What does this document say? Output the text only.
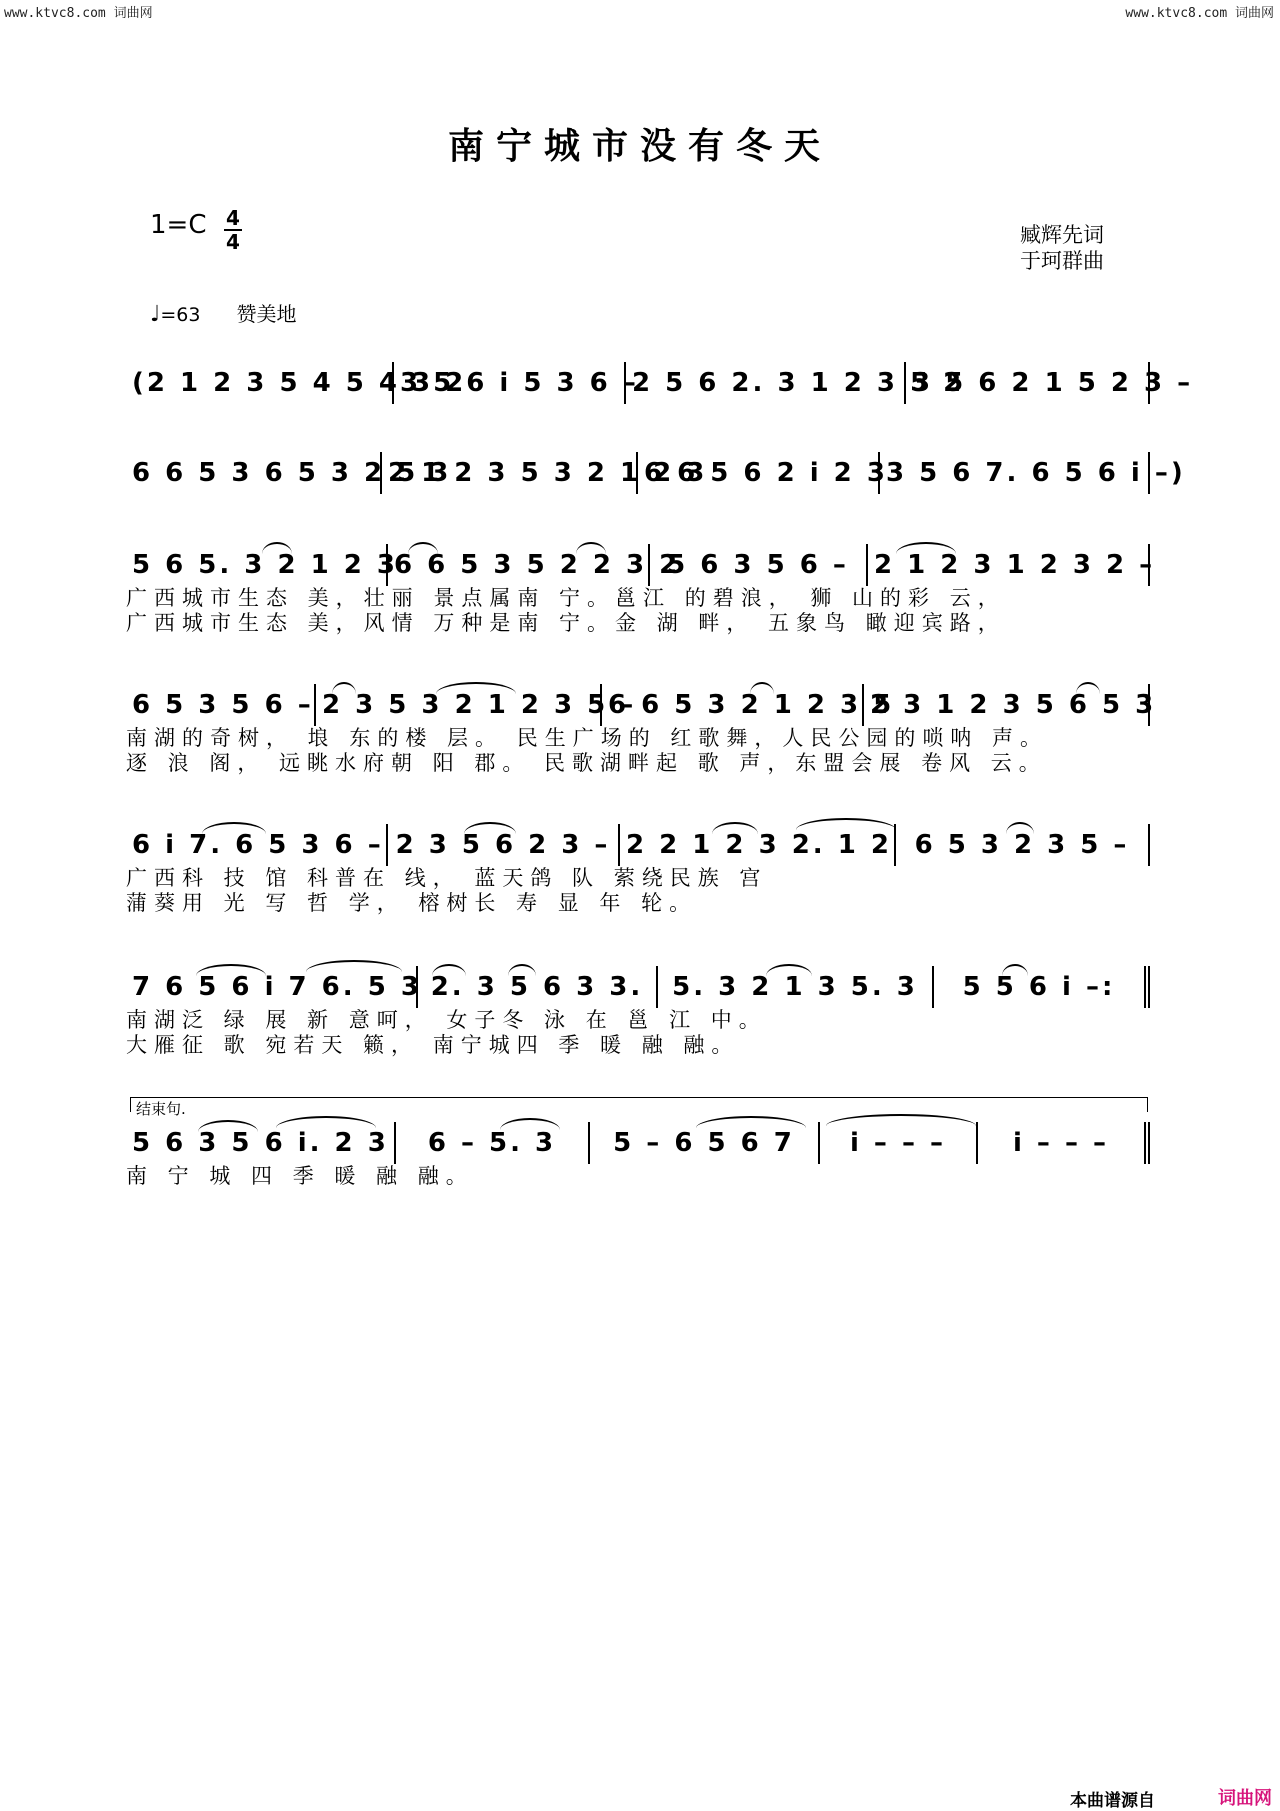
www.ktvc8.com 词曲网	www.ktvc8.com 词曲网
南宁城市没有冬天
1=C 4
4	臧辉先词
于珂群曲
♩=63 赞美地
(2 1 2 3 5 4 5 4 3 2
3 5 6 i 5 3 6 –
2 5 6 2. 3 1 2 3 5 2
3 5 6 2 1 5 2 3 –
6 6 5 3 6 5 3 2 5 3
2 1 2 3 5 3 2 1 2 3
6 6 5 6 2 i 2 3
3 5 6 7. 6 5 6 i –)
5 6 5. 3 2 1 2 3
6 6 5 3 5 2 2 3 2
5 6 3 5 6 – 2 1 2 3 1 2 3 2 –
广西城市生态 美，壮丽 景点属南 宁。邕江 的碧浪， 狮 山的彩 云，
广西城市生态 美，风情 万种是南 宁。金 湖 畔， 五象鸟 瞰迎宾路，
6 5 3 5 6 – 2 3 5 3 2 1 2 3 5 –
6 6 5 3 2 1 2 3 5
2 3 1 2 3 5 6 5 3
南湖的奇树， 埌 东的楼 层。 民生广场的 红歌舞，人民公园的唢呐 声。
逐 浪 阁， 远眺水府朝 阳 郡。 民歌湖畔起 歌 声，东盟会展 卷风 云。
6 i 7. 6 5 3 6 – 2 3 5 6 2 3 – 2 2 1 2 3 2. 1 2 6 5 3 2 3 5 –
广西科 技 馆 科普在 线， 蓝天鸽 队 萦绕民族 宫
蒲葵用 光 写 哲 学， 榕树长 寿 显 年 轮。
7 6 5 6 i 7 6. 5 3 2. 3 5 6 3 3.	5. 3 2 1 3 5. 3	5 5 6 i –:
南湖泛 绿 展 新 意呵， 女子冬 泳 在 邕 江 中。
大雁征 歌 宛若天 籁， 南宁城四 季 暖 融 融。
结束句.
5 6 3 5 6 i. 2 3	6 – 5. 3	5 – 6 5 6 7	i – – –	i – – –
南 宁 城 四 季 暖 融 融。
本曲谱源自	词曲网
